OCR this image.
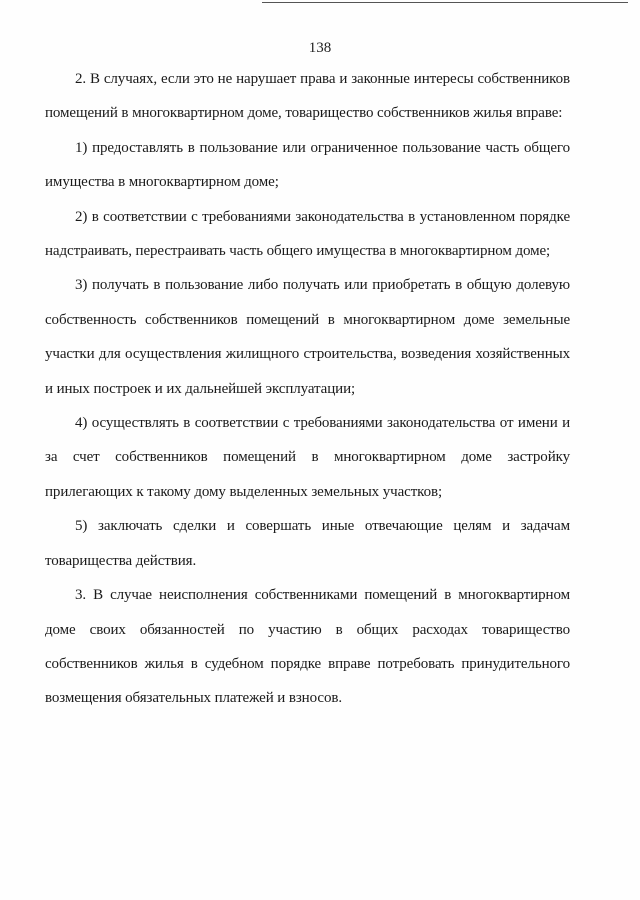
138

2. В случаях, если это не нарушает права и законные интересы собственников помещений в многоквартирном доме, товарищество собственников жилья вправе:

1) предоставлять в пользование или ограниченное пользование часть общего имущества в многоквартирном доме;

2) в соответствии с требованиями законодательства в установленном порядке надстраивать, перестраивать часть общего имущества в многоквартирном доме;

3) получать в пользование либо получать или приобретать в общую долевую собственность собственников помещений в многоквартирном доме земельные участки для осуществления жилищного строительства, возведения хозяйственных и иных построек и их дальнейшей эксплуатации;

4) осуществлять в соответствии с требованиями законодательства от имени и за счет собственников помещений в многоквартирном доме застройку прилегающих к такому дому выделенных земельных участков;

5) заключать сделки и совершать иные отвечающие целям и задачам товарищества действия.

3. В случае неисполнения собственниками помещений в многоквартирном доме своих обязанностей по участию в общих расходах товарищество собственников жилья в судебном порядке вправе потребовать принудительного возмещения обязательных платежей и взносов.
